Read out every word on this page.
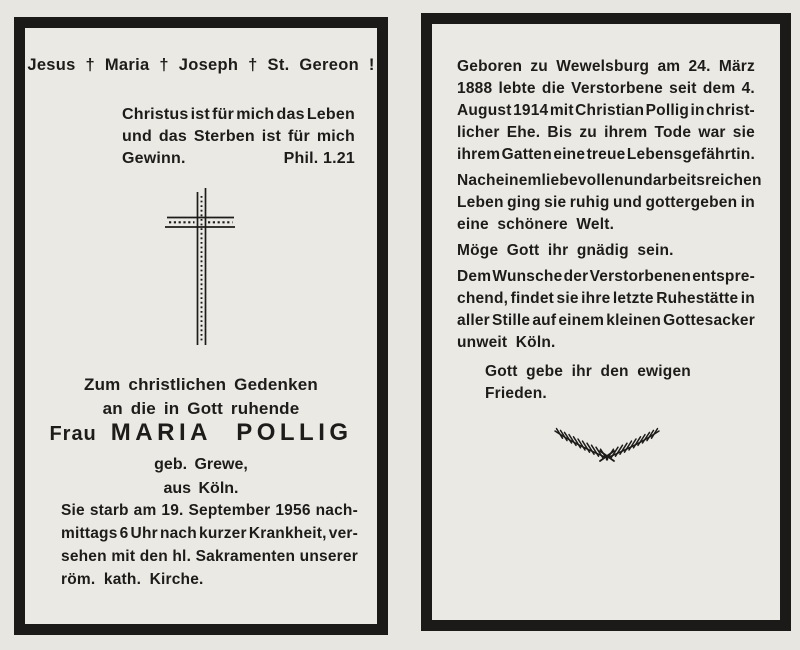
Jesus † Maria † Joseph † St. Gereon !
Christus ist für mich das Leben
und das Sterben ist für mich
Gewinn.	Phil. 1.21
Zum christlichen Gedenken
an die in Gott ruhende
Frau MARIA POLLIG
geb. Grewe,
aus Köln.
Sie starb am 19. September 1956 nach-
mittags 6 Uhr nach kurzer Krankheit, ver-
sehen mit den hl. Sakramenten unserer
röm. kath. Kirche.
Geboren zu Wewelsburg am 24. März
1888 lebte die Verstorbene seit dem 4.
August 1914 mit Christian Pollig in christ-
licher Ehe. Bis zu ihrem Tode war sie
ihrem Gatten eine treue Lebensgefährtin.
Nach einem liebevollen und arbeitsreichen
Leben ging sie ruhig und gottergeben in
eine schönere Welt.
Möge Gott ihr gnädig sein.
Dem Wunsche der Verstorbenen entspre-
chend, findet sie ihre letzte Ruhestätte in
aller Stille auf einem kleinen Gottesacker
unweit Köln.
Gott gebe ihr den ewigen Frieden.
